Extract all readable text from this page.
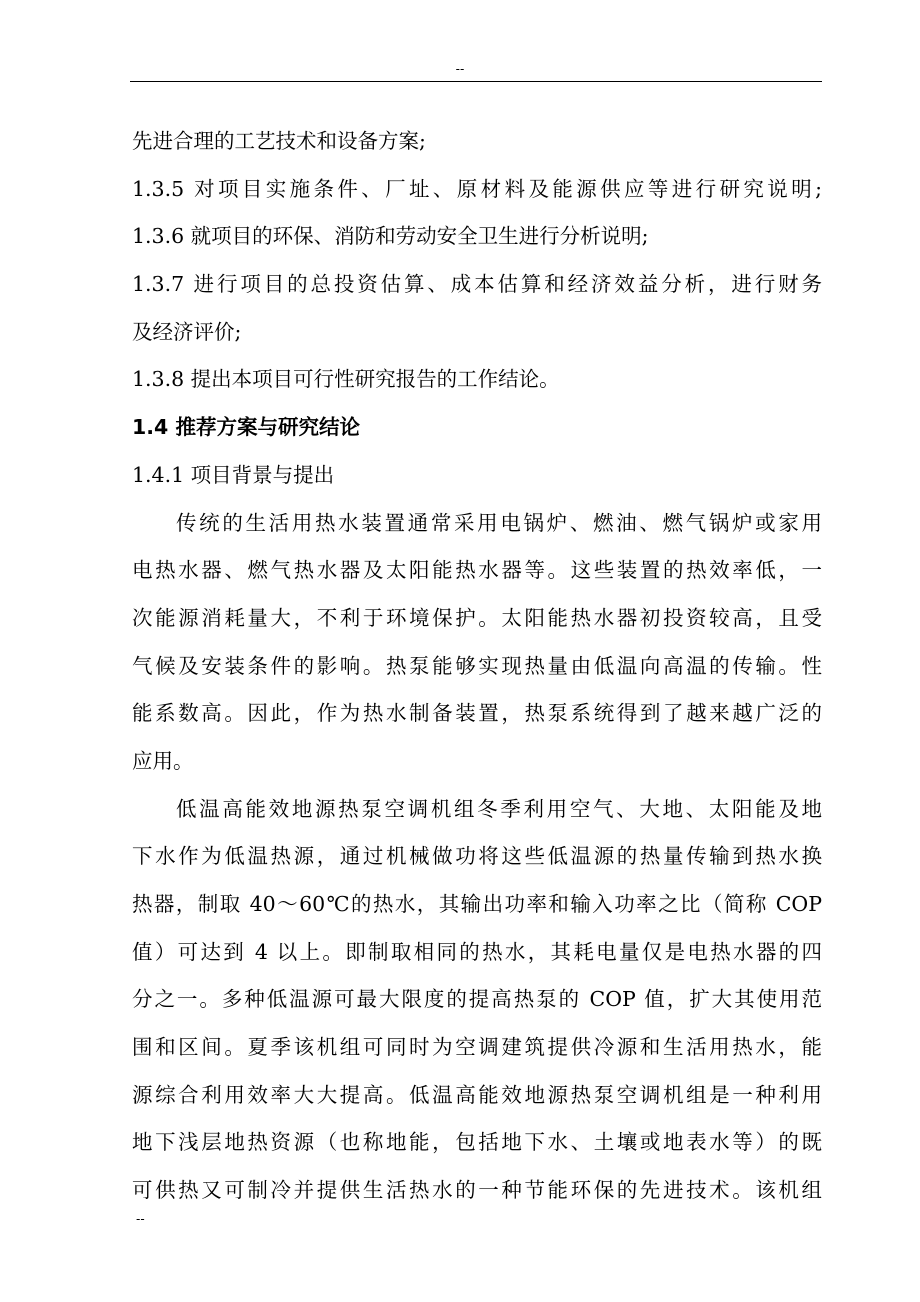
--
先进合理的工艺技术和设备方案;
1.3.5 对项目实施条件、厂址、原材料及能源供应等进行研究说明;
1.3.6 就项目的环保、消防和劳动安全卫生进行分析说明;
1.3.7 进行项目的总投资估算、成本估算和经济效益分析，进行财务
及经济评价;
1.3.8 提出本项目可行性研究报告的工作结论。
1.4 推荐方案与研究结论
1.4.1 项目背景与提出
传统的生活用热水装置通常采用电锅炉、燃油、燃气锅炉或家用
电热水器、燃气热水器及太阳能热水器等。这些装置的热效率低，一
次能源消耗量大，不利于环境保护。太阳能热水器初投资较高，且受
气候及安装条件的影响。热泵能够实现热量由低温向高温的传输。性
能系数高。因此，作为热水制备装置，热泵系统得到了越来越广泛的
应用。
低温高能效地源热泵空调机组冬季利用空气、大地、太阳能及地
下水作为低温热源，通过机械做功将这些低温源的热量传输到热水换
热器，制取 40～60℃的热水，其输出功率和输入功率之比（简称 COP
值）可达到 4 以上。即制取相同的热水，其耗电量仅是电热水器的四
分之一。多种低温源可最大限度的提高热泵的 COP 值，扩大其使用范
围和区间。夏季该机组可同时为空调建筑提供冷源和生活用热水，能
源综合利用效率大大提高。低温高能效地源热泵空调机组是一种利用
地下浅层地热资源（也称地能，包括地下水、土壤或地表水等）的既
可供热又可制冷并提供生活热水的一种节能环保的先进技术。该机组
--
